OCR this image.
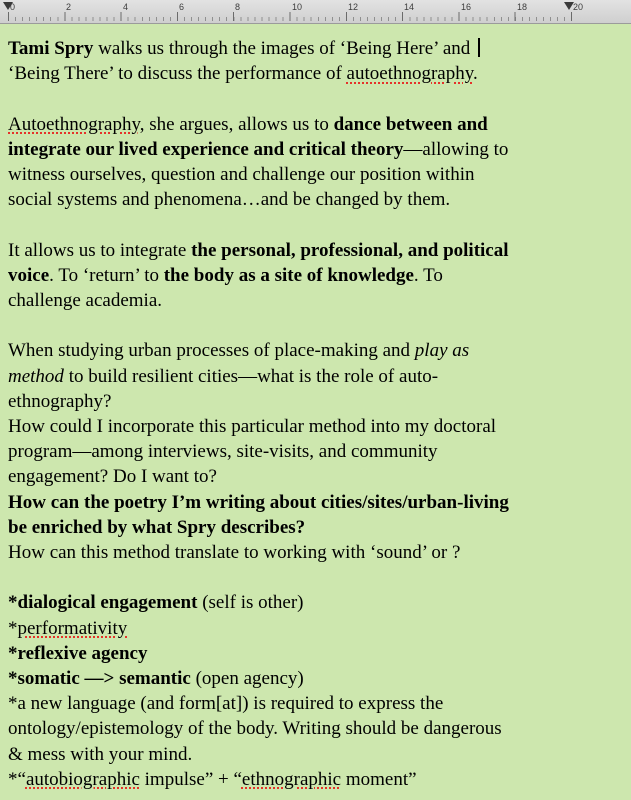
0	2	4	6	8	10	12	14	16	18	20

Tami Spry walks us through the images of ‘Being Here’ and

‘Being There’ to discuss the performance of autoethnography.

Autoethnography, she argues, allows us to dance between and

integrate our lived experience and critical theory—allowing to

witness ourselves, question and challenge our position within

social systems and phenomena…and be changed by them.

It allows us to integrate the personal, professional, and political

voice. To ‘return’ to the body as a site of knowledge. To

challenge academia.

When studying urban processes of place-making and play as

method to build resilient cities—what is the role of auto-

ethnography?

How could I incorporate this particular method into my doctoral

program—among interviews, site-visits, and community

engagement? Do I want to?

How can the poetry I’m writing about cities/sites/urban-living

be enriched by what Spry describes?

How can this method translate to working with ‘sound’ or ?

*dialogical engagement (self is other)

*performativity

*reflexive agency

*somatic —> semantic (open agency)

*a new language (and form[at]) is required to express the

ontology/epistemology of the body. Writing should be dangerous

& mess with your mind.

*“autobiographic impulse” + “ethnographic moment”
